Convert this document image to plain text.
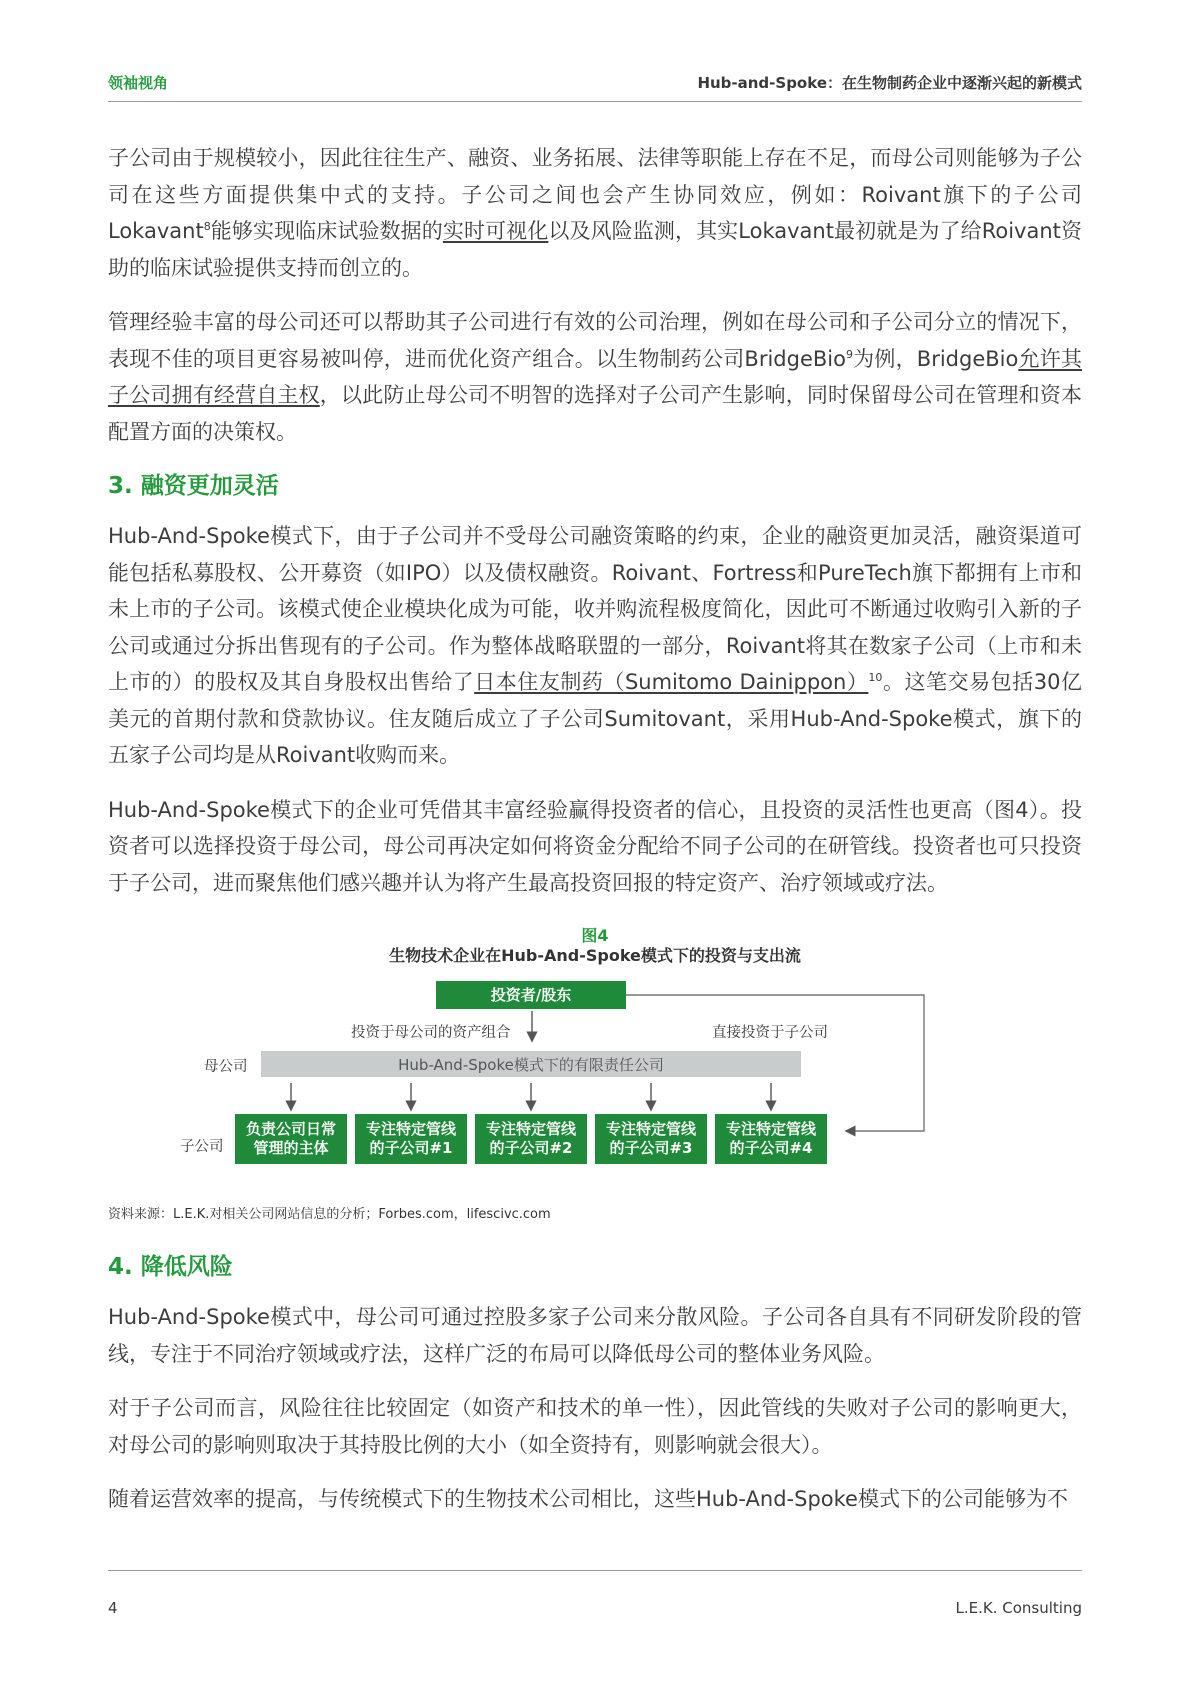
领袖视角	Hub-and-Spoke：在生物制药企业中逐渐兴起的新模式

子公司由于规模较小，因此往往生产、融资、业务拓展、法律等职能上存在不足，而母公司则能够为子公司在这些方面提供集中式的支持。子公司之间也会产生协同效应，例如：Roivant旗下的子公司Lokavant$^8$能够实现临床试验数据的实时可视化以及风险监测，其实Lokavant最初就是为了给Roivant资助的临床试验提供支持而创立的。

管理经验丰富的母公司还可以帮助其子公司进行有效的公司治理，例如在母公司和子公司分立的情况下，表现不佳的项目更容易被叫停，进而优化资产组合。以生物制药公司BridgeBio$^9$为例，BridgeBio允许其子公司拥有经营自主权，以此防止母公司不明智的选择对子公司产生影响，同时保留母公司在管理和资本配置方面的决策权。

3. 融资更加灵活

Hub-And-Spoke模式下，由于子公司并不受母公司融资策略的约束，企业的融资更加灵活，融资渠道可能包括私募股权、公开募资（如IPO）以及债权融资。Roivant、Fortress和PureTech旗下都拥有上市和未上市的子公司。该模式使企业模块化成为可能，收并购流程极度简化，因此可不断通过收购引入新的子公司或通过分拆出售现有的子公司。作为整体战略联盟的一部分，Roivant将其在数家子公司（上市和未上市的）的股权及其自身股权出售给了日本住友制药（Sumitomo Dainippon）$^{10}$。这笔交易包括30亿美元的首期付款和贷款协议。住友随后成立了子公司Sumitovant，采用Hub-And-Spoke模式，旗下的五家子公司均是从Roivant收购而来。

Hub-And-Spoke模式下的企业可凭借其丰富经验赢得投资者的信心，且投资的灵活性也更高（图4）。投资者可以选择投资于母公司，母公司再决定如何将资金分配给不同子公司的在研管线。投资者也可只投资于子公司，进而聚焦他们感兴趣并认为将产生最高投资回报的特定资产、治疗领域或疗法。

图4
生物技术企业在Hub-And-Spoke模式下的投资与支出流
投资者/股东
投资于母公司的资产组合	直接投资于子公司
母公司	Hub-And-Spoke模式下的有限责任公司
子公司
负责公司日常
管理的主体
专注特定管线
的子公司#1
专注特定管线
的子公司#2
专注特定管线
的子公司#3
专注特定管线
的子公司#4
资料来源：L.E.K.对相关公司网站信息的分析；Forbes.com，lifescivc.com
4. 降低风险

Hub-And-Spoke模式中，母公司可通过控股多家子公司来分散风险。子公司各自具有不同研发阶段的管线，专注于不同治疗领域或疗法，这样广泛的布局可以降低母公司的整体业务风险。

对于子公司而言，风险往往比较固定（如资产和技术的单一性），因此管线的失败对子公司的影响更大，对母公司的影响则取决于其持股比例的大小（如全资持有，则影响就会很大）。

随着运营效率的提高，与传统模式下的生物技术公司相比，这些Hub-And-Spoke模式下的公司能够为不

4	L.E.K. Consulting
